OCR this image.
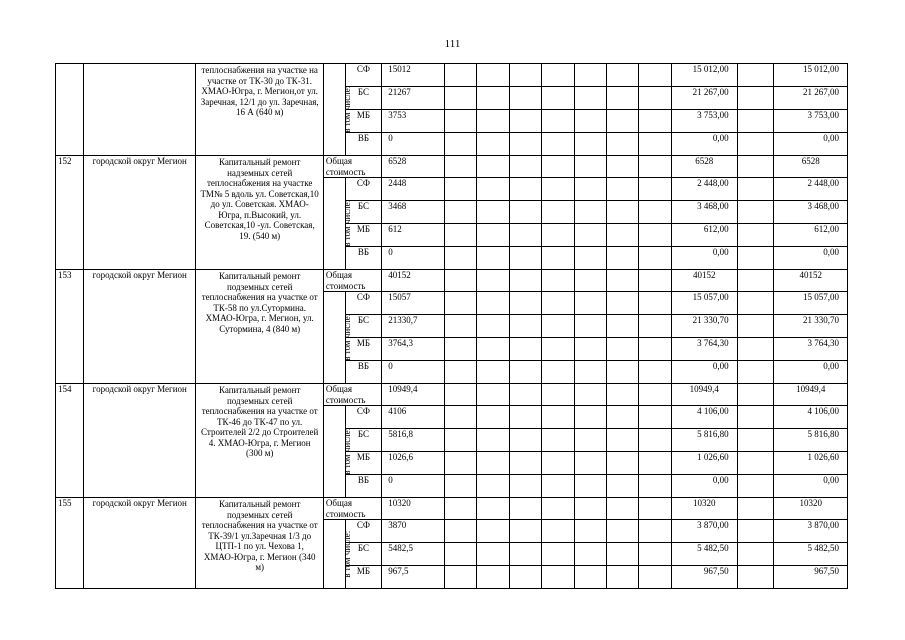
111
		теплоснабжения на участке на участке от ТК-30 до ТК-31. ХМАО-Югра, г. Мегион,от ул. Заречная, 12/1 до ул. Заречная, 16 А (640 м)	в том числе:	СФ	15012								15 012,00		15 012,00
				БС	21267								21 267,00		21 267,00
				МБ	3753								3 753,00		3 753,00
				ВБ	0								0,00		0,00
152	городской округ Мегион	Капитальный ремонт надземных сетей теплоснабжения на участке ТМ№ 5 вдоль ул. Советская,10 до ул. Советская. ХМАО-Югра, п.Высокий, ул. Советская,10 -ул. Советская, 19. (540 м)	Общая стоимость		6528								6528		6528
			в том числе:	СФ	2448								2 448,00		2 448,00
				БС	3468								3 468,00		3 468,00
				МБ	612								612,00		612,00
				ВБ	0								0,00		0,00
153	городской округ Мегион	Капитальный ремонт подземных сетей теплоснабжения на участке от ТК-58 по ул.Сутормина. ХМАО-Югра, г. Мегион, ул. Сутормина, 4 (840 м)	Общая стоимость		40152								40152		40152
			в том числе:	СФ	15057								15 057,00		15 057,00
				БС	21330,7								21 330,70		21 330,70
				МБ	3764,3								3 764,30		3 764,30
				ВБ	0								0,00		0,00
154	городской округ Мегион	Капитальный ремонт подземных сетей теплоснабжения на участке от ТК-46 до ТК-47 по ул. Строителей 2/2 до Строителей 4. ХМАО-Югра, г. Мегион (300 м)	Общая стоимость		10949,4								10949,4		10949,4
			в том числе:	СФ	4106								4 106,00		4 106,00
				БС	5816,8								5 816,80		5 816,80
				МБ	1026,6								1 026,60		1 026,60
				ВБ	0								0,00		0,00
155	городской округ Мегион	Капитальный ремонт подземных сетей теплоснабжения на участке от ТК-39/1 ул.Заречная 1/3 до ЦТП-1 по ул. Чехова 1, ХМАО-Югра, г. Мегион (340 м)	Общая стоимость		10320								10320		10320
			в том числе:	СФ	3870								3 870,00		3 870,00
				БС	5482,5								5 482,50		5 482,50
				МБ	967,5								967,50		967,50
